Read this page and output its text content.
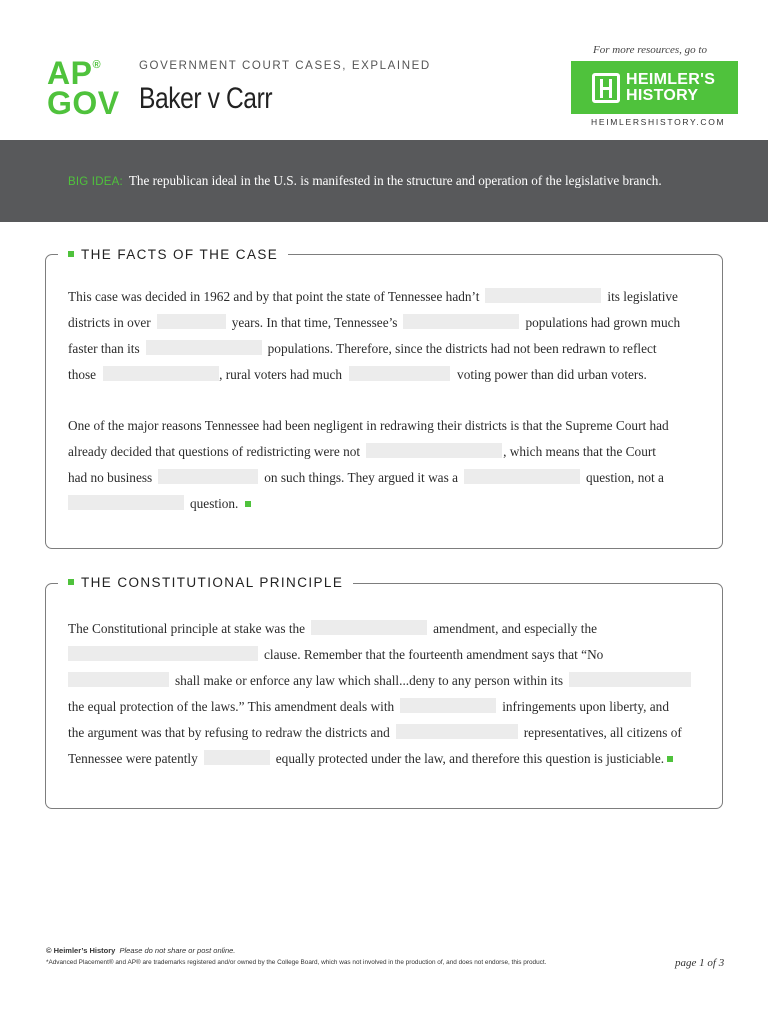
AP®
GOV
GOVERNMENT COURT CASES, EXPLAINED
Baker v Carr
For more resources, go to
HEIMLER'S
HISTORY
HEIMLERSHISTORY.COM
BIG IDEA: The republican ideal in the U.S. is manifested in the structure and operation of the legislative branch.
THE FACTS OF THE CASE
This case was decided in 1962 and by that point the state of Tennessee hadn’t	its legislative
districts in over	years. In that time, Tennessee’s	populations had grown much
faster than its	populations. Therefore, since the districts had not been redrawn to reflect
those	, rural voters had much	voting power than did urban voters.
One of the major reasons Tennessee had been negligent in redrawing their districts is that the Supreme Court had
already decided that questions of redistricting were not	, which means that the Court
had no business	on such things. They argued it was a	question, not a
question.
THE CONSTITUTIONAL PRINCIPLE
The Constitutional principle at stake was the	amendment, and especially the
clause. Remember that the fourteenth amendment says that “No
shall make or enforce any law which shall...deny to any person within its
the equal protection of the laws.” This amendment deals with	infringements upon liberty, and
the argument was that by refusing to redraw the districts and	representatives, all citizens of
Tennessee were patently	equally protected under the law, and therefore this question is justiciable.
© Heimler’s History Please do not share or post online.
*Advanced Placement® and AP® are trademarks registered and/or owned by the College Board, which was not involved in the production of, and does not endorse, this product.	page 1 of 3
